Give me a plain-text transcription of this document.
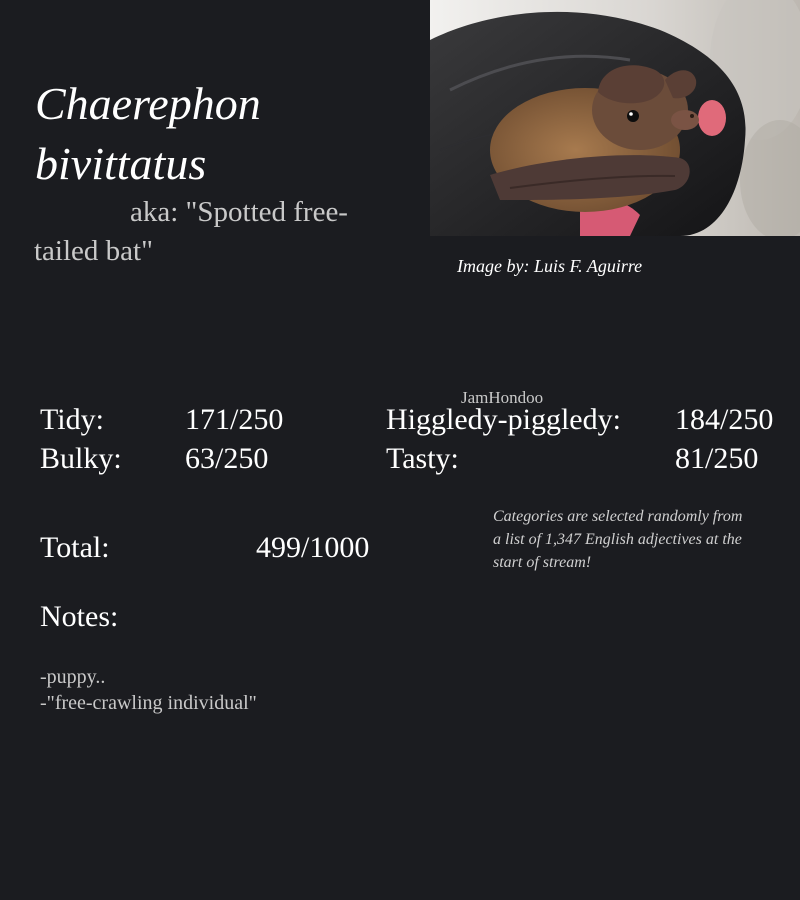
Chaerephon bivittatus
aka: "Spotted free-tailed bat"	Image by: Luis F. Aguirre
JamHondoo
Tidy:	171/250	Higgledy-piggledy: 184/250
Bulky: 63/250	Tasty:	81/250
Total:	499/1000
Categories are selected randomly from a list of 1,347 English adjectives at the start of stream!
Notes:
-puppy..
-"free-crawling individual"
